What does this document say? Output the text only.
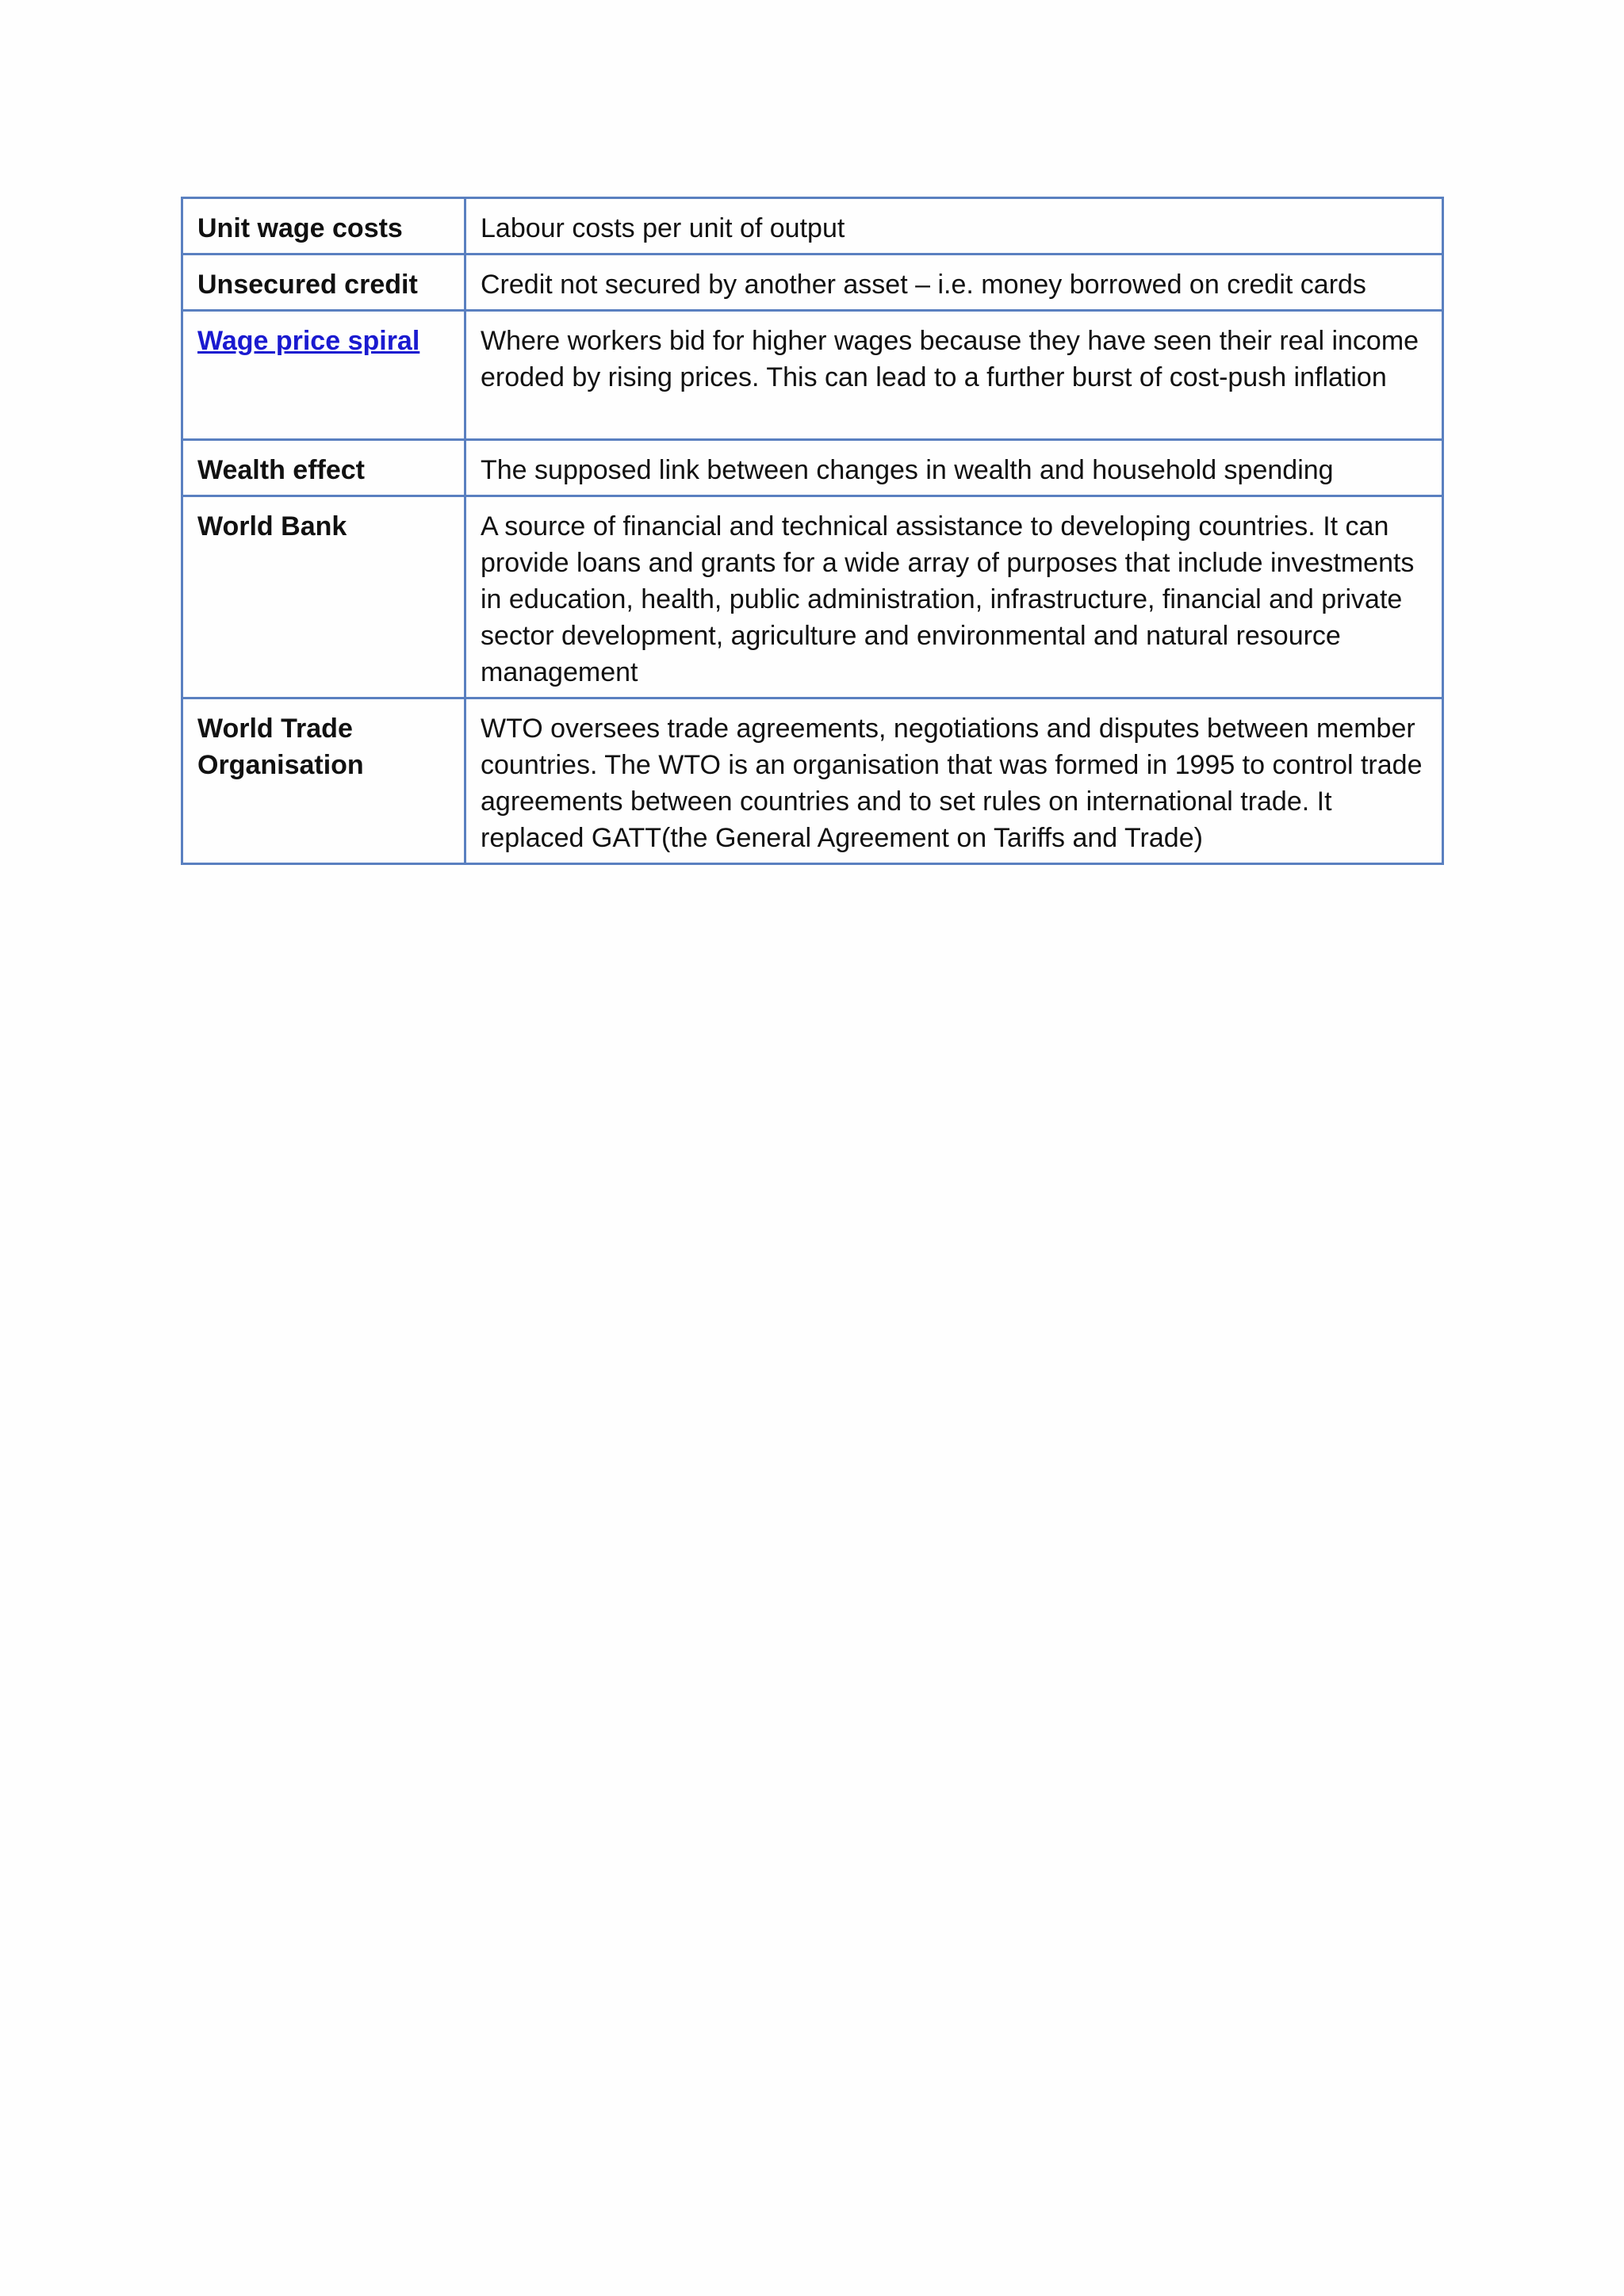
Unit wage costs	Labour costs per unit of output
Unsecured credit	Credit not secured by another asset – i.e. money borrowed on credit cards
Wage price spiral	Where workers bid for higher wages because they have seen their real income eroded by rising prices. This can lead to a further burst of cost-push inflation
Wealth effect	The supposed link between changes in wealth and household spending
World Bank	A source of financial and technical assistance to developing countries. It can provide loans and grants for a wide array of purposes that include investments in education, health, public administration, infrastructure, financial and private sector development, agriculture and environmental and natural resource management
World Trade Organisation	WTO oversees trade agreements, negotiations and disputes between member countries. The WTO is an organisation that was formed in 1995 to control trade agreements between countries and to set rules on international trade. It replaced GATT(the General Agreement on Tariffs and Trade)
